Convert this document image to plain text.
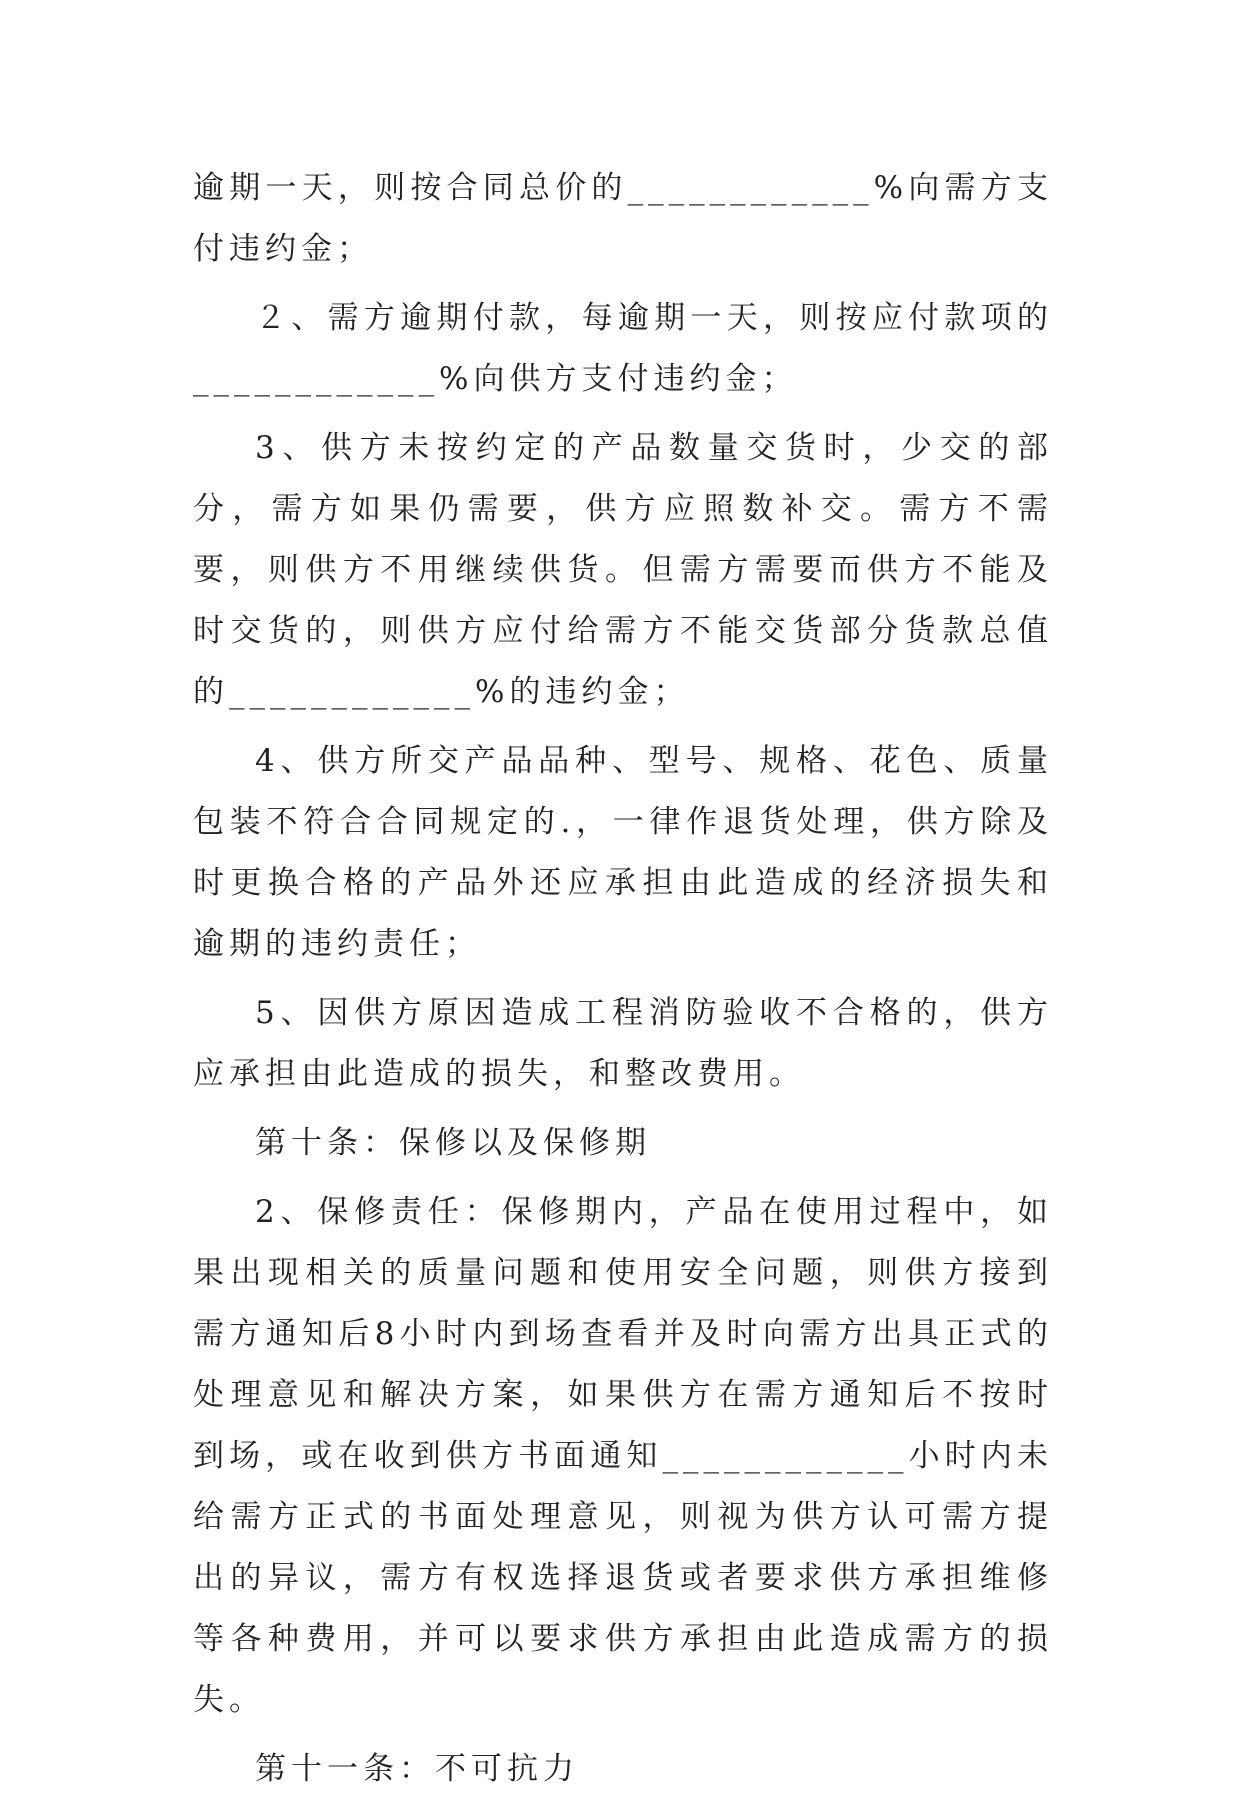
逾期一天，则按合同总价的____________%向需方支付违约金；

２、需方逾期付款，每逾期一天，则按应付款项的____________%向供方支付违约金；

3、供方未按约定的产品数量交货时，少交的部分，需方如果仍需要，供方应照数补交。需方不需要，则供方不用继续供货。但需方需要而供方不能及时交货的，则供方应付给需方不能交货部分货款总值的____________%的违约金；

4、供方所交产品品种、型号、规格、花色、质量包装不符合合同规定的.，一律作退货处理，供方除及时更换合格的产品外还应承担由此造成的经济损失和逾期的违约责任；

5、因供方原因造成工程消防验收不合格的，供方应承担由此造成的损失，和整改费用。

第十条：保修以及保修期

2、保修责任：保修期内，产品在使用过程中，如果出现相关的质量问题和使用安全问题，则供方接到需方通知后8小时内到场查看并及时向需方出具正式的处理意见和解决方案，如果供方在需方通知后不按时到场，或在收到供方书面通知____________小时内未给需方正式的书面处理意见，则视为供方认可需方提出的异议，需方有权选择退货或者要求供方承担维修等各种费用，并可以要求供方承担由此造成需方的损失。

第十一条：不可抗力
